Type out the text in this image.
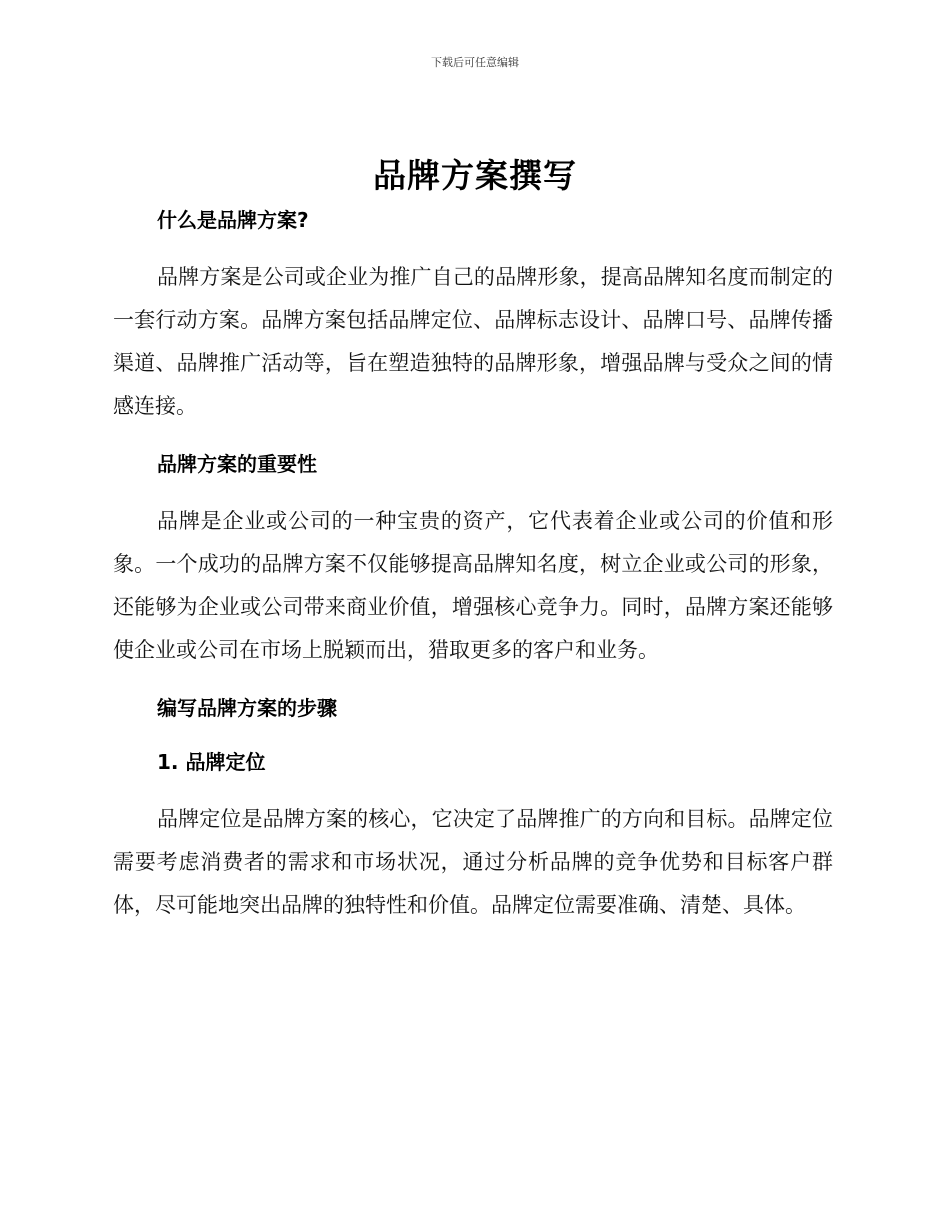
下载后可任意编辑
品牌方案撰写
什么是品牌方案?

品牌方案是公司或企业为推广自己的品牌形象，提高品牌知名度而制定的一套行动方案。品牌方案包括品牌定位、品牌标志设计、品牌口号、品牌传播渠道、品牌推广活动等，旨在塑造独特的品牌形象，增强品牌与受众之间的情感连接。

品牌方案的重要性

品牌是企业或公司的一种宝贵的资产，它代表着企业或公司的价值和形象。一个成功的品牌方案不仅能够提高品牌知名度，树立企业或公司的形象，还能够为企业或公司带来商业价值，增强核心竞争力。同时，品牌方案还能够使企业或公司在市场上脱颖而出，猎取更多的客户和业务。

编写品牌方案的步骤
1. 品牌定位

品牌定位是品牌方案的核心，它决定了品牌推广的方向和目标。品牌定位需要考虑消费者的需求和市场状况，通过分析品牌的竞争优势和目标客户群体，尽可能地突出品牌的独特性和价值。品牌定位需要准确、清楚、具体。
